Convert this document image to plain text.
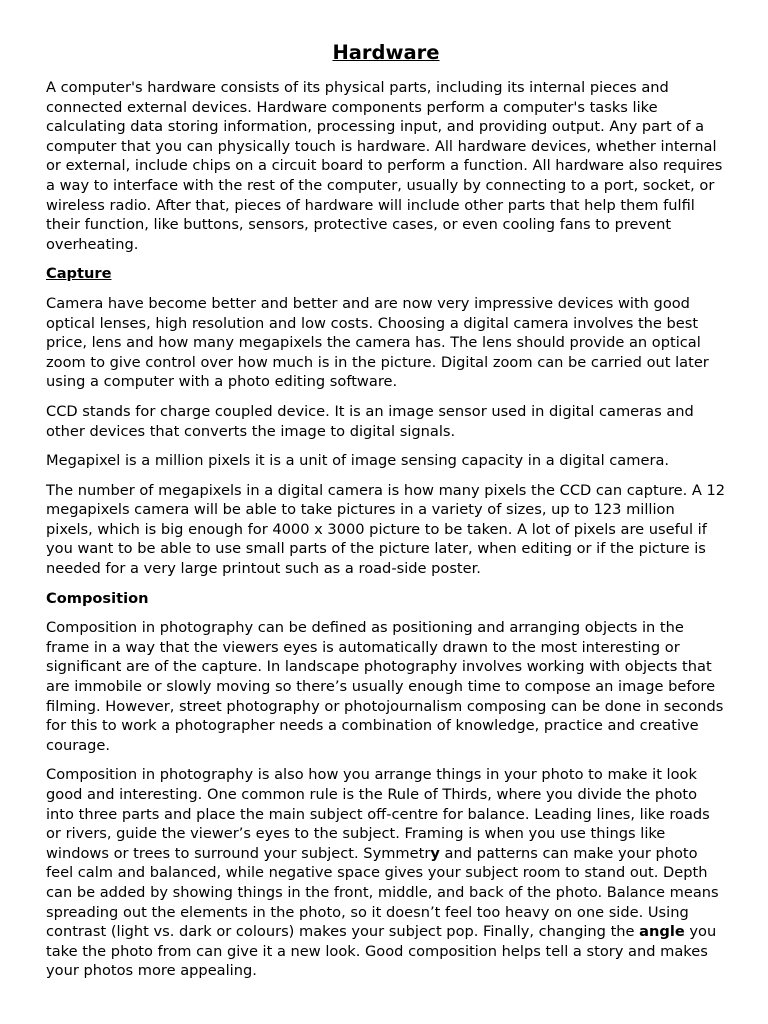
Hardware

A computer's hardware consists of its physical parts, including its internal pieces and connected external devices. Hardware components perform a computer's tasks like calculating data storing information, processing input, and providing output. Any part of a computer that you can physically touch is hardware. All hardware devices, whether internal or external, include chips on a circuit board to perform a function. All hardware also requires a way to interface with the rest of the computer, usually by connecting to a port, socket, or wireless radio. After that, pieces of hardware will include other parts that help them fulfil their function, like buttons, sensors, protective cases, or even cooling fans to prevent overheating.

Capture

Camera have become better and better and are now very impressive devices with good optical lenses, high resolution and low costs. Choosing a digital camera involves the best price, lens and how many megapixels the camera has. The lens should provide an optical zoom to give control over how much is in the picture. Digital zoom can be carried out later using a computer with a photo editing software.

CCD stands for charge coupled device. It is an image sensor used in digital cameras and other devices that converts the image to digital signals.

Megapixel is a million pixels it is a unit of image sensing capacity in a digital camera.

The number of megapixels in a digital camera is how many pixels the CCD can capture. A 12 megapixels camera will be able to take pictures in a variety of sizes, up to 123 million pixels, which is big enough for 4000 x 3000 picture to be taken. A lot of pixels are useful if you want to be able to use small parts of the picture later, when editing or if the picture is needed for a very large printout such as a road-side poster.

Composition

Composition in photography can be defined as positioning and arranging objects in the frame in a way that the viewers eyes is automatically drawn to the most interesting or significant are of the capture. In landscape photography involves working with objects that are immobile or slowly moving so there’s usually enough time to compose an image before filming. However, street photography or photojournalism composing can be done in seconds for this to work a photographer needs a combination of knowledge, practice and creative courage.

Composition in photography is also how you arrange things in your photo to make it look good and interesting. One common rule is the Rule of Thirds, where you divide the photo into three parts and place the main subject off-centre for balance. Leading lines, like roads or rivers, guide the viewer’s eyes to the subject. Framing is when you use things like windows or trees to surround your subject. Symmetry and patterns can make your photo feel calm and balanced, while negative space gives your subject room to stand out. Depth can be added by showing things in the front, middle, and back of the photo. Balance means spreading out the elements in the photo, so it doesn’t feel too heavy on one side. Using contrast (light vs. dark or colours) makes your subject pop. Finally, changing the angle you take the photo from can give it a new look. Good composition helps tell a story and makes your photos more appealing.
